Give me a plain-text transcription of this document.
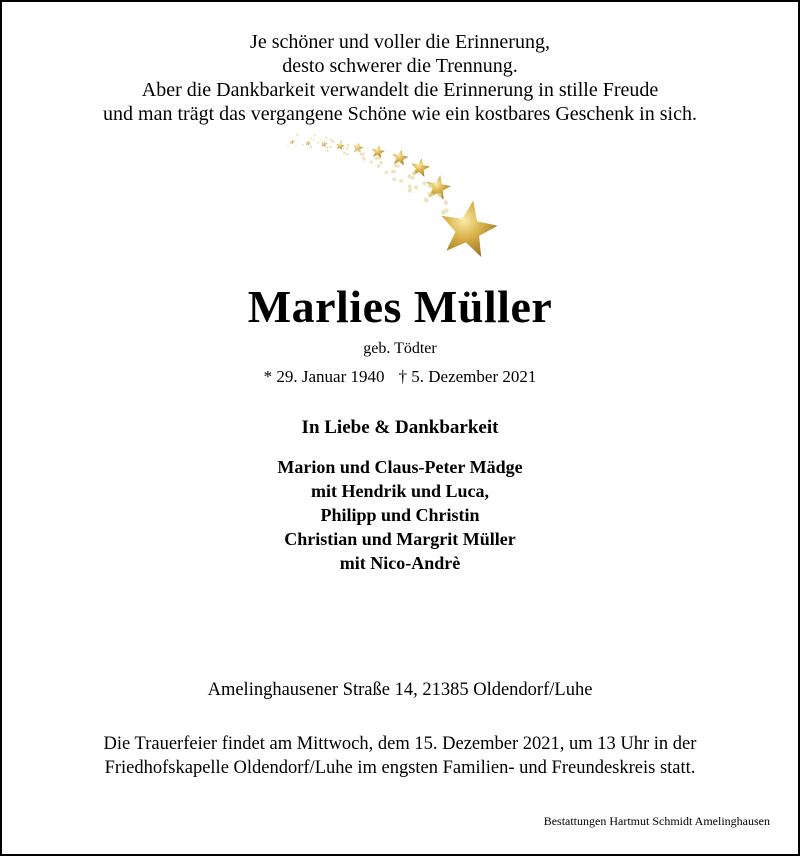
Je schöner und voller die Erinnerung,
desto schwerer die Trennung.
Aber die Dankbarkeit verwandelt die Erinnerung in stille Freude
und man trägt das vergangene Schöne wie ein kostbares Geschenk in sich.
Marlies Müller
geb. Tödter
* 29. Januar 1940 † 5. Dezember 2021
In Liebe & Dankbarkeit
Marion und Claus-Peter Mädge
mit Hendrik und Luca,
Philipp und Christin
Christian und Margrit Müller
mit Nico-Andrè
Amelinghausener Straße 14, 21385 Oldendorf/Luhe
Die Trauerfeier findet am Mittwoch, dem 15. Dezember 2021, um 13 Uhr in der
Friedhofskapelle Oldendorf/Luhe im engsten Familien- und Freundeskreis statt.
Bestattungen Hartmut Schmidt Amelinghausen
